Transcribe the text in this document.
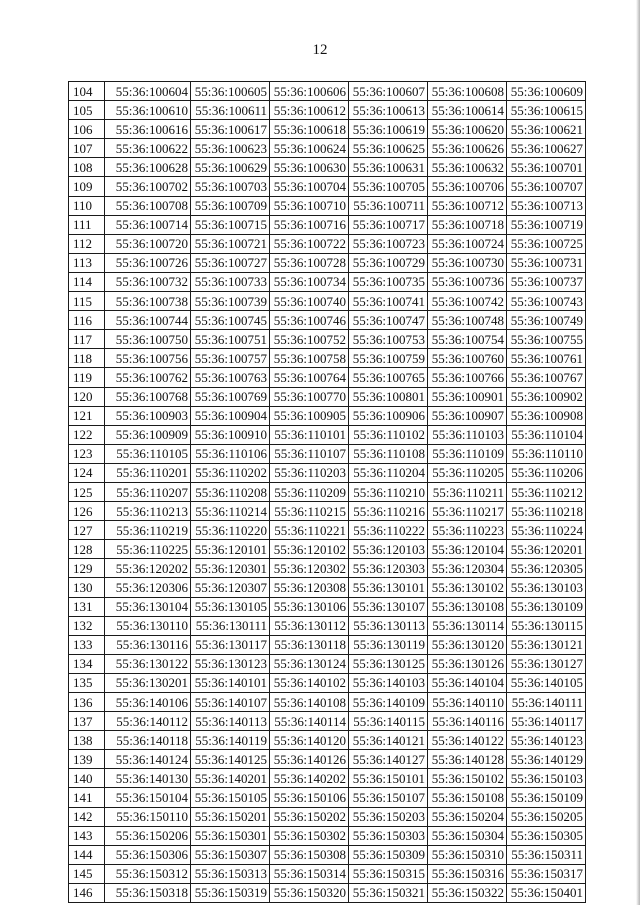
12
104	55:36:100604	55:36:100605	55:36:100606	55:36:100607	55:36:100608	55:36:100609
105	55:36:100610	55:36:100611	55:36:100612	55:36:100613	55:36:100614	55:36:100615
106	55:36:100616	55:36:100617	55:36:100618	55:36:100619	55:36:100620	55:36:100621
107	55:36:100622	55:36:100623	55:36:100624	55:36:100625	55:36:100626	55:36:100627
108	55:36:100628	55:36:100629	55:36:100630	55:36:100631	55:36:100632	55:36:100701
109	55:36:100702	55:36:100703	55:36:100704	55:36:100705	55:36:100706	55:36:100707
110	55:36:100708	55:36:100709	55:36:100710	55:36:100711	55:36:100712	55:36:100713
111	55:36:100714	55:36:100715	55:36:100716	55:36:100717	55:36:100718	55:36:100719
112	55:36:100720	55:36:100721	55:36:100722	55:36:100723	55:36:100724	55:36:100725
113	55:36:100726	55:36:100727	55:36:100728	55:36:100729	55:36:100730	55:36:100731
114	55:36:100732	55:36:100733	55:36:100734	55:36:100735	55:36:100736	55:36:100737
115	55:36:100738	55:36:100739	55:36:100740	55:36:100741	55:36:100742	55:36:100743
116	55:36:100744	55:36:100745	55:36:100746	55:36:100747	55:36:100748	55:36:100749
117	55:36:100750	55:36:100751	55:36:100752	55:36:100753	55:36:100754	55:36:100755
118	55:36:100756	55:36:100757	55:36:100758	55:36:100759	55:36:100760	55:36:100761
119	55:36:100762	55:36:100763	55:36:100764	55:36:100765	55:36:100766	55:36:100767
120	55:36:100768	55:36:100769	55:36:100770	55:36:100801	55:36:100901	55:36:100902
121	55:36:100903	55:36:100904	55:36:100905	55:36:100906	55:36:100907	55:36:100908
122	55:36:100909	55:36:100910	55:36:110101	55:36:110102	55:36:110103	55:36:110104
123	55:36:110105	55:36:110106	55:36:110107	55:36:110108	55:36:110109	55:36:110110
124	55:36:110201	55:36:110202	55:36:110203	55:36:110204	55:36:110205	55:36:110206
125	55:36:110207	55:36:110208	55:36:110209	55:36:110210	55:36:110211	55:36:110212
126	55:36:110213	55:36:110214	55:36:110215	55:36:110216	55:36:110217	55:36:110218
127	55:36:110219	55:36:110220	55:36:110221	55:36:110222	55:36:110223	55:36:110224
128	55:36:110225	55:36:120101	55:36:120102	55:36:120103	55:36:120104	55:36:120201
129	55:36:120202	55:36:120301	55:36:120302	55:36:120303	55:36:120304	55:36:120305
130	55:36:120306	55:36:120307	55:36:120308	55:36:130101	55:36:130102	55:36:130103
131	55:36:130104	55:36:130105	55:36:130106	55:36:130107	55:36:130108	55:36:130109
132	55:36:130110	55:36:130111	55:36:130112	55:36:130113	55:36:130114	55:36:130115
133	55:36:130116	55:36:130117	55:36:130118	55:36:130119	55:36:130120	55:36:130121
134	55:36:130122	55:36:130123	55:36:130124	55:36:130125	55:36:130126	55:36:130127
135	55:36:130201	55:36:140101	55:36:140102	55:36:140103	55:36:140104	55:36:140105
136	55:36:140106	55:36:140107	55:36:140108	55:36:140109	55:36:140110	55:36:140111
137	55:36:140112	55:36:140113	55:36:140114	55:36:140115	55:36:140116	55:36:140117
138	55:36:140118	55:36:140119	55:36:140120	55:36:140121	55:36:140122	55:36:140123
139	55:36:140124	55:36:140125	55:36:140126	55:36:140127	55:36:140128	55:36:140129
140	55:36:140130	55:36:140201	55:36:140202	55:36:150101	55:36:150102	55:36:150103
141	55:36:150104	55:36:150105	55:36:150106	55:36:150107	55:36:150108	55:36:150109
142	55:36:150110	55:36:150201	55:36:150202	55:36:150203	55:36:150204	55:36:150205
143	55:36:150206	55:36:150301	55:36:150302	55:36:150303	55:36:150304	55:36:150305
144	55:36:150306	55:36:150307	55:36:150308	55:36:150309	55:36:150310	55:36:150311
145	55:36:150312	55:36:150313	55:36:150314	55:36:150315	55:36:150316	55:36:150317
146	55:36:150318	55:36:150319	55:36:150320	55:36:150321	55:36:150322	55:36:150401
